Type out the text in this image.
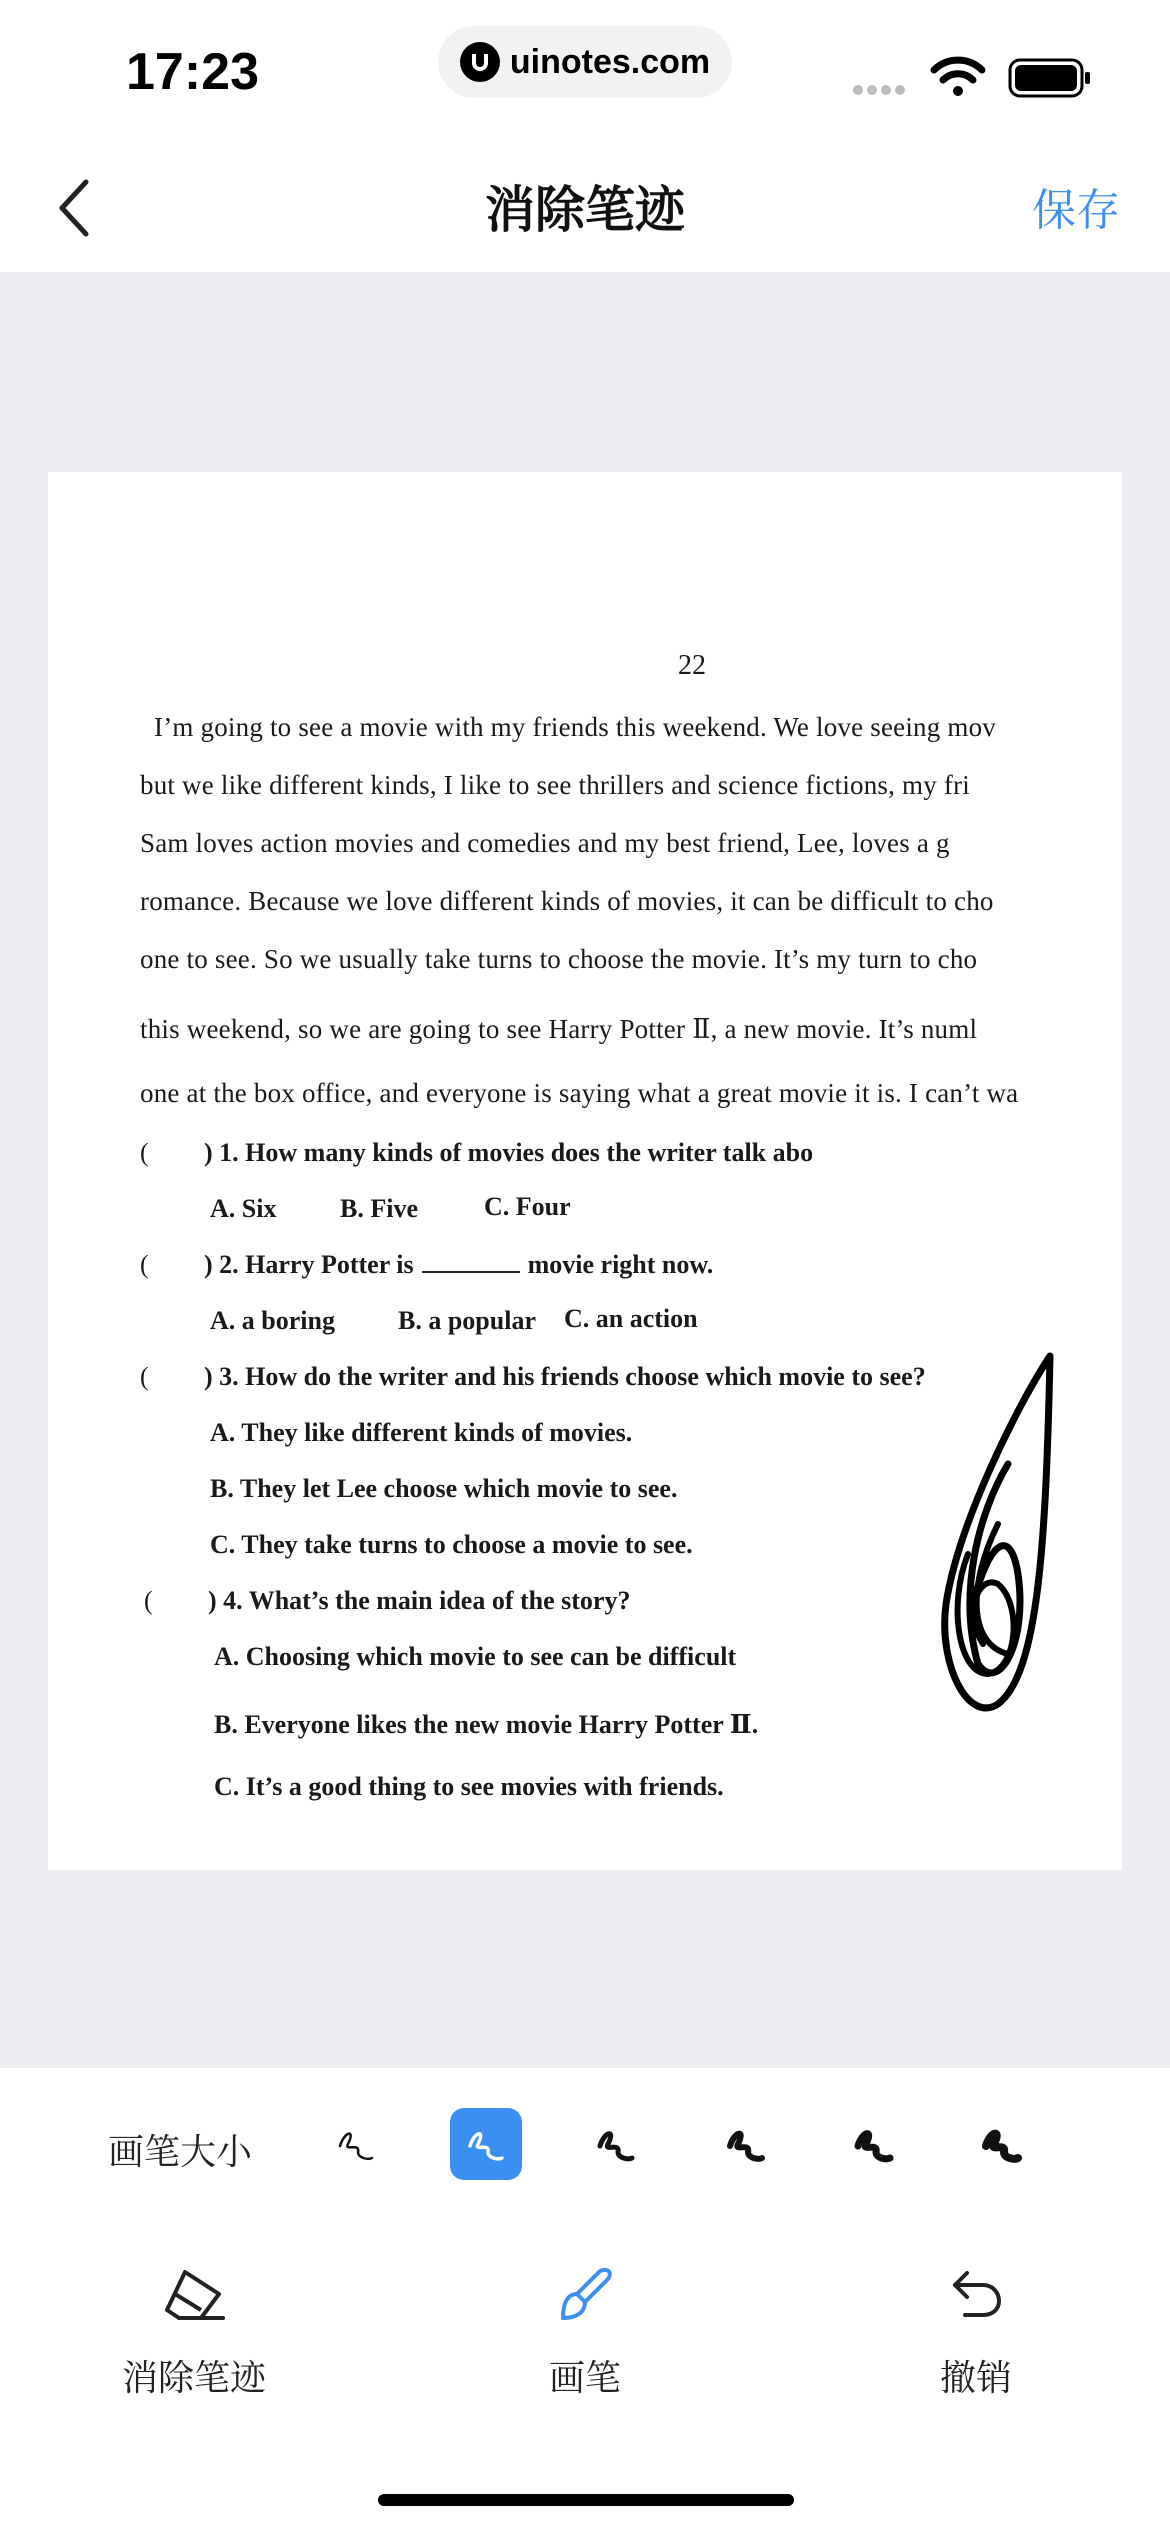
17:23	uinotes.com
消除笔迹	保存
22
I’m going to see a movie with my friends this weekend. We love seeing mov
but we like different kinds, I like to see thrillers and science fictions, my fri
Sam loves action movies and comedies and my best friend, Lee, loves a g
romance. Because we love different kinds of movies, it can be difficult to cho
one to see. So we usually take turns to choose the movie. It’s my turn to cho
this weekend, so we are going to see Harry Potter Ⅱ, a new movie. It’s numl
one at the box office, and everyone is saying what a great movie it is. I can’t wa
( ) 1. How many kinds of movies does the writer talk abo
A. Six B. Five	C. Four
( ) 2. Harry Potter is	movie right now.
A. a boring B. a popular C. an action
( ) 3. How do the writer and his friends choose which movie to see?
A. They like different kinds of movies.
B. They let Lee choose which movie to see.
C. They take turns to choose a movie to see.
( ) 4. What’s the main idea of the story?
A. Choosing which movie to see can be difficult
B. Everyone likes the new movie Harry Potter Ⅱ.
C. It’s a good thing to see movies with friends.
画笔大小
消除笔迹	画笔	撤销
